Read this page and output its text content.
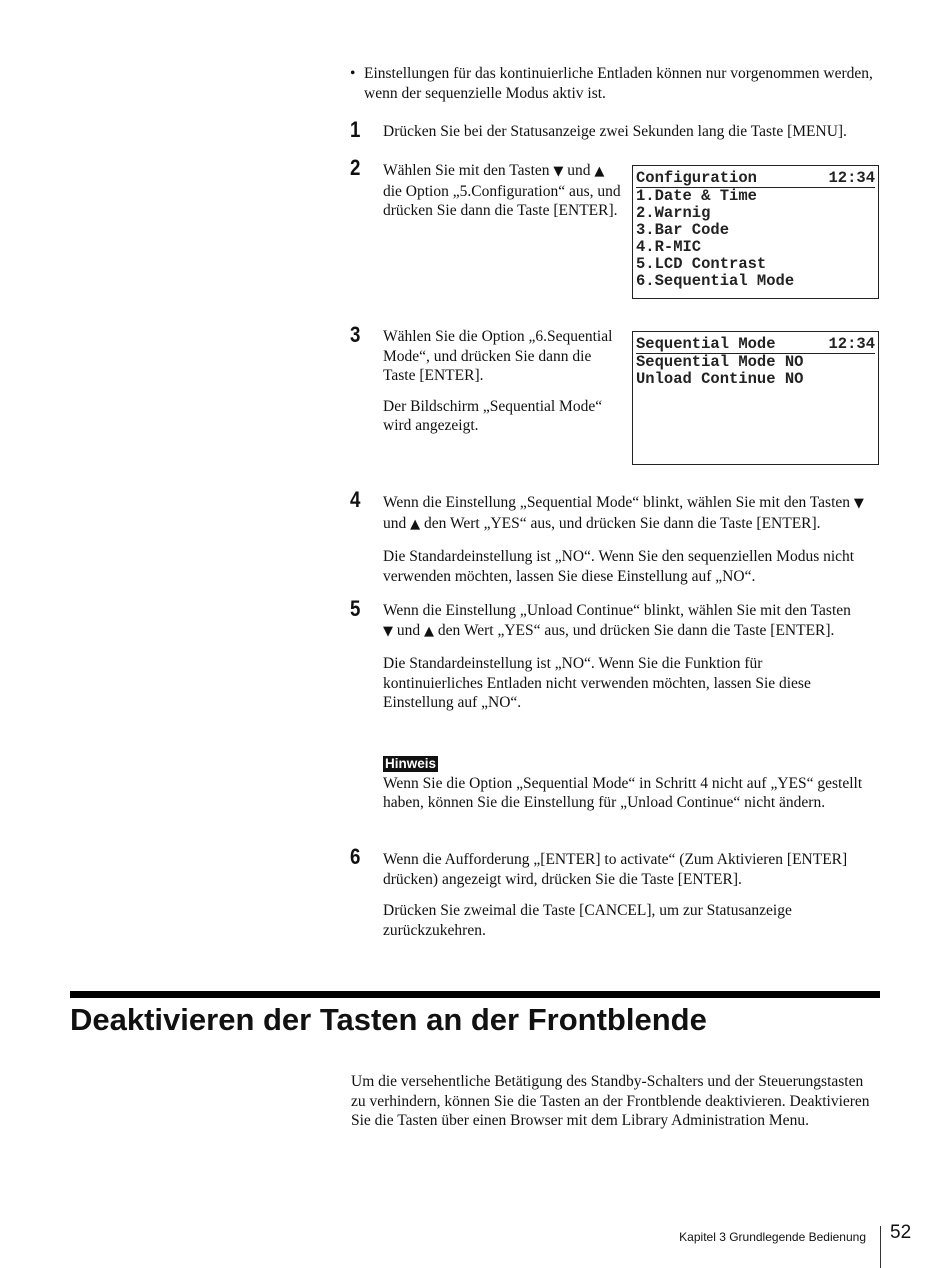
• Einstellungen für das kontinuierliche Entladen können nur vorgenommen werden, wenn der sequenzielle Modus aktiv ist.
1 Drücken Sie bei der Statusanzeige zwei Sekunden lang die Taste [MENU].

2 Wählen Sie mit den Tasten ▼ und ▲ die Option „5.Configuration“ aus, und drücken Sie dann die Taste [ENTER].

Configuration	12:34
1.Date & Time
2.Warnig
3.Bar Code
4.R-MIC
5.LCD Contrast
6.Sequential Mode
3 Wählen Sie die Option „6.Sequential Mode“, und drücken Sie dann die Taste [ENTER].

Der Bildschirm „Sequential Mode“ wird angezeigt.

Sequential Mode	12:34
Sequential Mode NO
Unload Continue NO
4 Wenn die Einstellung „Sequential Mode“ blinkt, wählen Sie mit den Tasten ▼ und ▲ den Wert „YES“ aus, und drücken Sie dann die Taste [ENTER].

Die Standardeinstellung ist „NO“. Wenn Sie den sequenziellen Modus nicht verwenden möchten, lassen Sie diese Einstellung auf „NO“.

5 Wenn die Einstellung „Unload Continue“ blinkt, wählen Sie mit den Tasten ▼ und ▲ den Wert „YES“ aus, und drücken Sie dann die Taste [ENTER].

Die Standardeinstellung ist „NO“. Wenn Sie die Funktion für kontinuierliches Entladen nicht verwenden möchten, lassen Sie diese Einstellung auf „NO“.

Hinweis

Wenn Sie die Option „Sequential Mode“ in Schritt 4 nicht auf „YES“ gestellt haben, können Sie die Einstellung für „Unload Continue“ nicht ändern.

6 Wenn die Aufforderung „[ENTER] to activate“ (Zum Aktivieren [ENTER] drücken) angezeigt wird, drücken Sie die Taste [ENTER].

Drücken Sie zweimal die Taste [CANCEL], um zur Statusanzeige zurückzukehren.

Deaktivieren der Tasten an der Frontblende
Um die versehentliche Betätigung des Standby-Schalters und der Steuerungstasten zu verhindern, können Sie die Tasten an der Frontblende deaktivieren. Deaktivieren Sie die Tasten über einen Browser mit dem Library Administration Menu.
Kapitel 3 Grundlegende Bedienung 52
